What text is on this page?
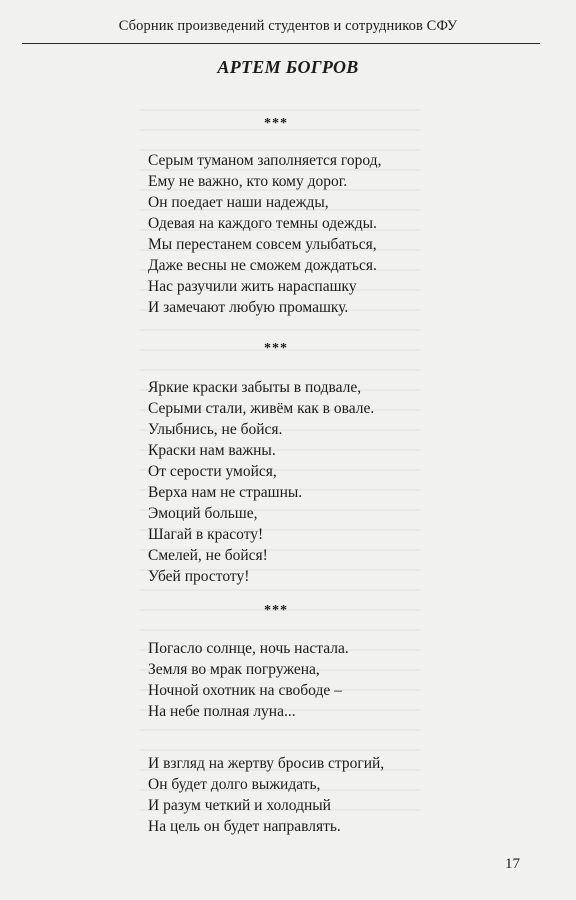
Сборник произведений студентов и сотрудников СФУ
АРТЕМ БОГРОВ
***
Серым туманом заполняется город,
Ему не важно, кто кому дорог.
Он поедает наши надежды,
Одевая на каждого темны одежды.
Мы перестанем совсем улыбаться,
Даже весны не сможем дождаться.
Нас разучили жить нараспашку
И замечают любую промашку.
***
Яркие краски забыты в подвале,
Серыми стали, живём как в овале.
Улыбнись, не бойся.
Краски нам важны.
От серости умойся,
Верха нам не страшны.
Эмоций больше,
Шагай в красоту!
Смелей, не бойся!
Убей простоту!
***
Погасло солнце, ночь настала.
Земля во мрак погружена,
Ночной охотник на свободе –
На небе полная луна...
И взгляд на жертву бросив строгий,
Он будет долго выжидать,
И разум четкий и холодный
На цель он будет направлять.
17
